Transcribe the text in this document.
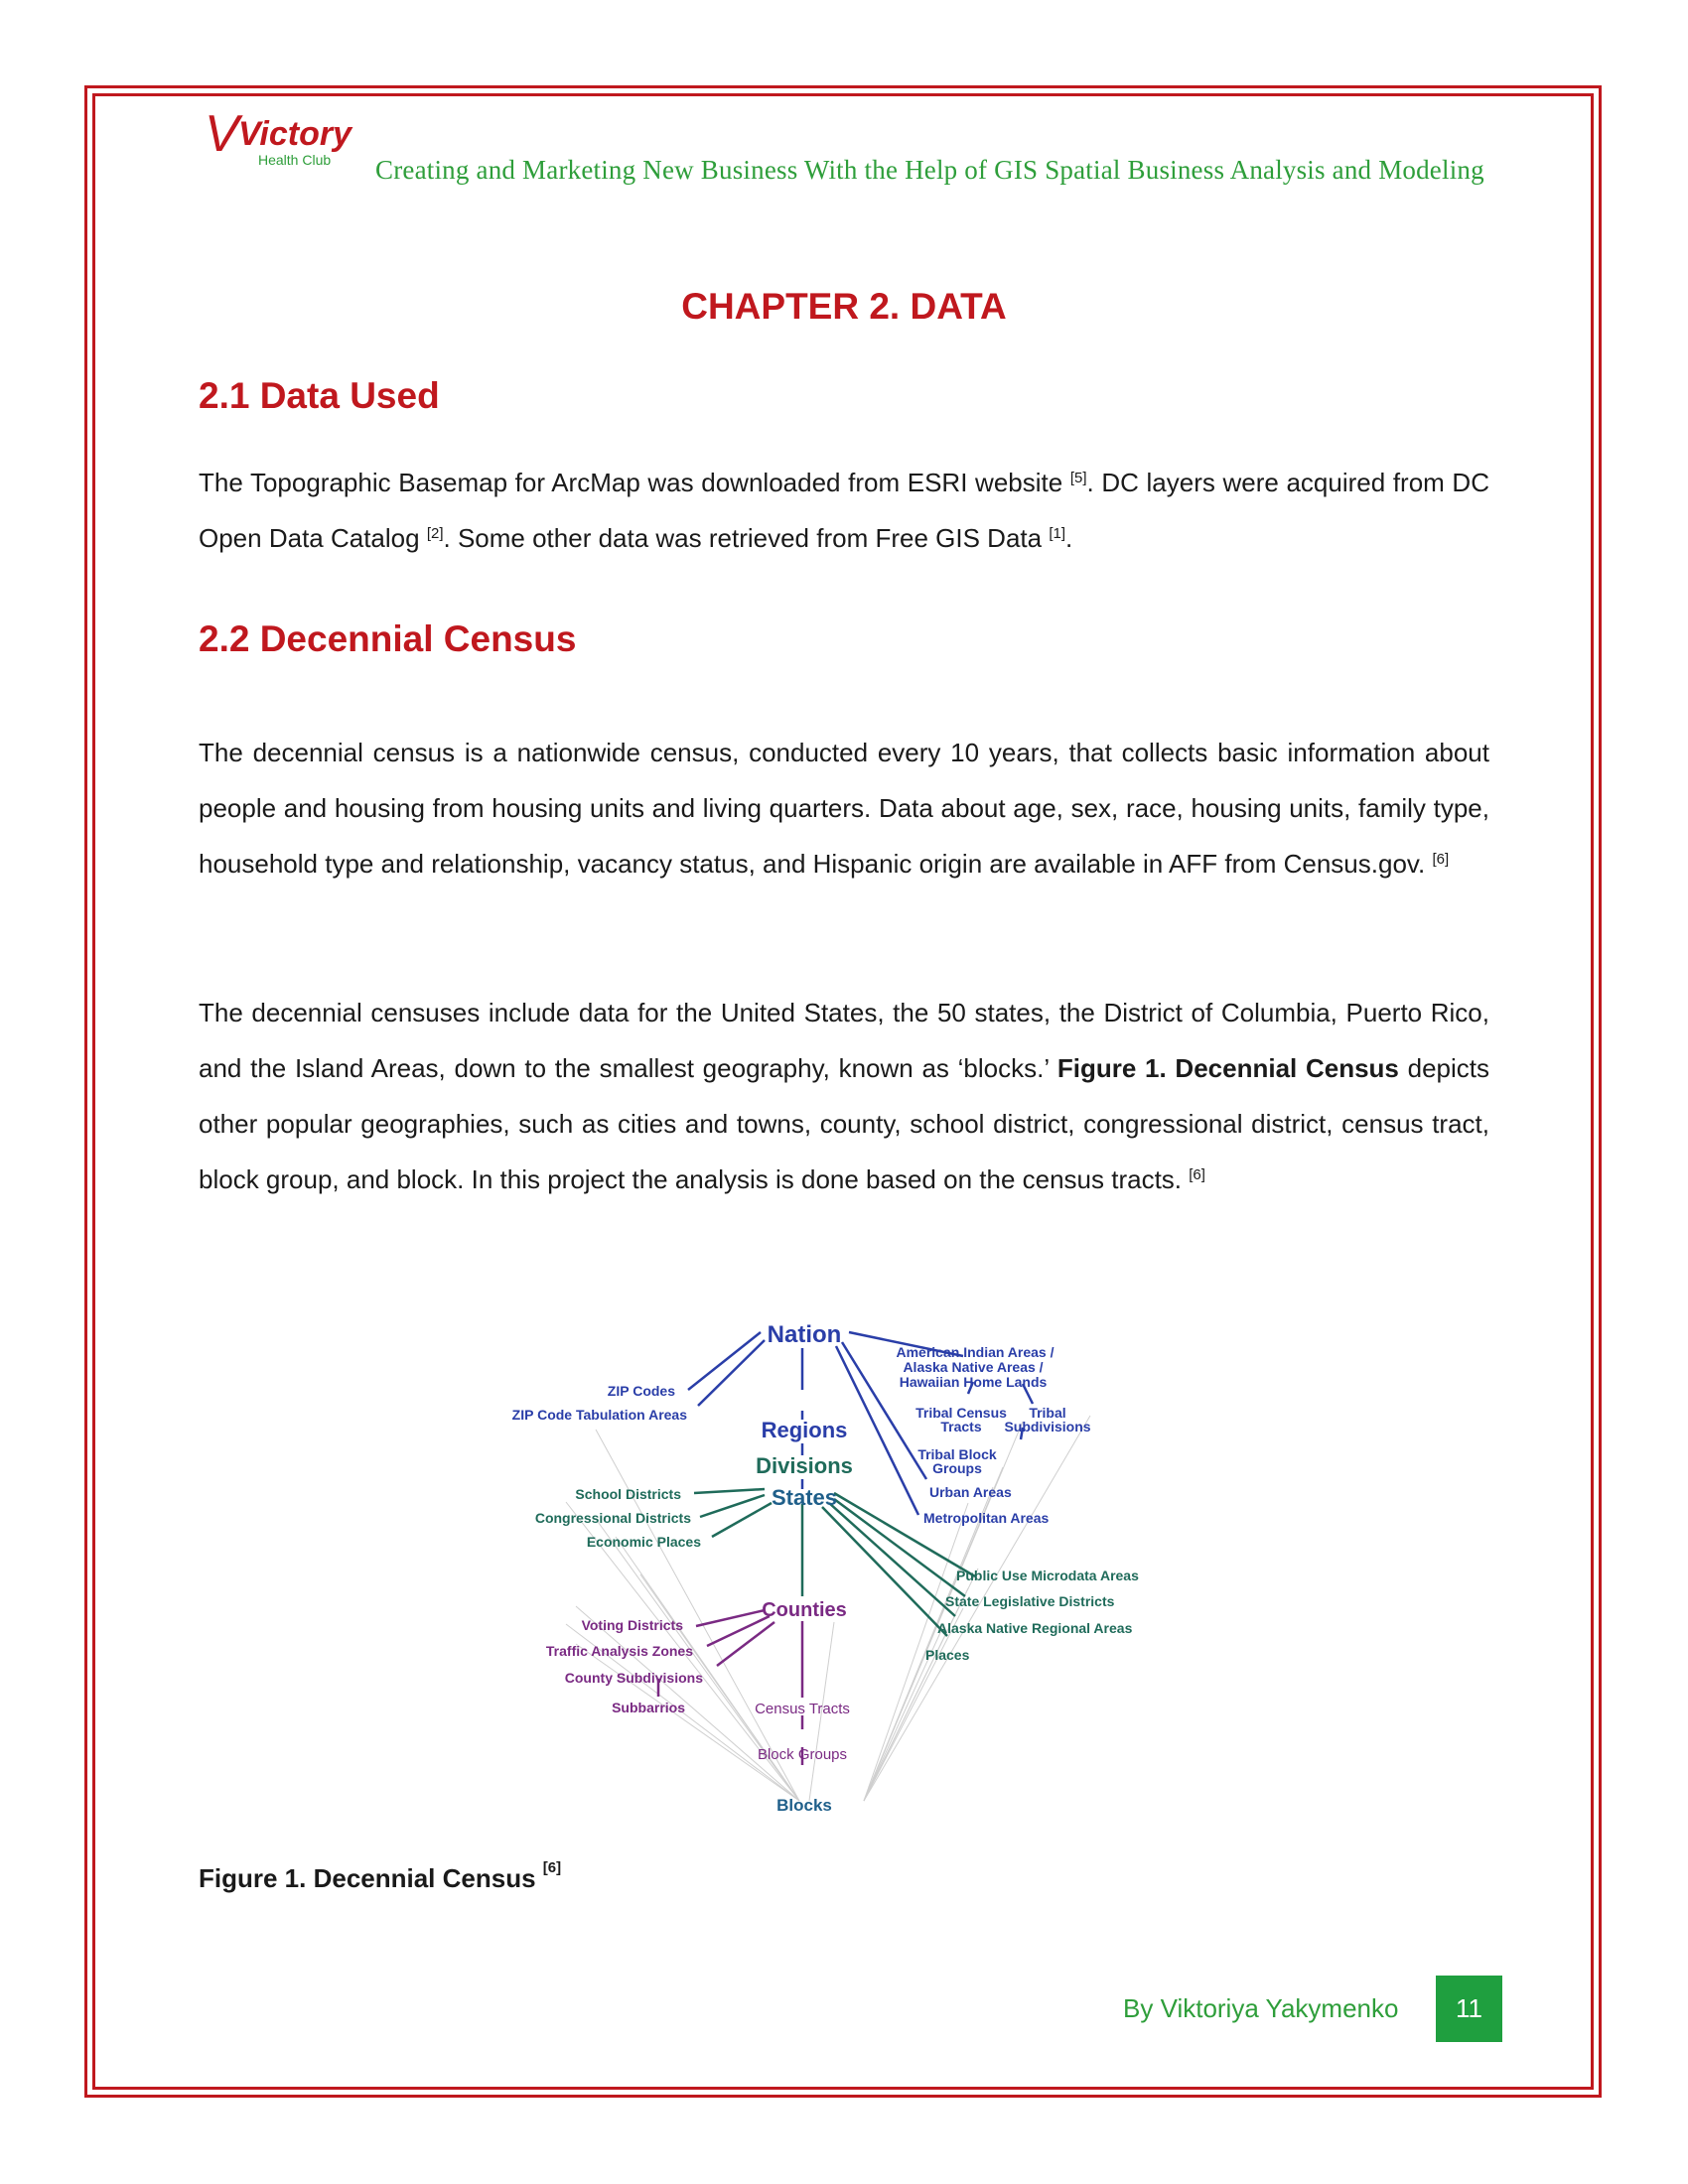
V Victory
Health Club Creating and Marketing New Business With the Help of GIS Spatial Business Analysis and Modeling
CHAPTER 2. DATA
2.1 Data Used

The Topographic Basemap for ArcMap was downloaded from ESRI website [5]. DC layers were acquired from DC Open Data Catalog [2]. Some other data was retrieved from Free GIS Data [1].

2.2 Decennial Census

The decennial census is a nationwide census, conducted every 10 years, that collects basic information about people and housing from housing units and living quarters. Data about age, sex, race, housing units, family type, household type and relationship, vacancy status, and Hispanic origin are available in AFF from Census.gov. [6]

The decennial censuses include data for the United States, the 50 states, the District of Columbia, Puerto Rico, and the Island Areas, down to the smallest geography, known as ‘blocks.’ Figure 1. Decennial Census depicts other popular geographies, such as cities and towns, county, school district, congressional district, census tract, block group, and block. In this project the analysis is done based on the census tracts. [6]

Nation
Regions
Divisions
States
Counties
Census Tracts
Block Groups
Blocks
ZIP Codes
ZIP Code Tabulation Areas
American Indian Areas /
Alaska Native Areas /
Hawaiian Home Lands
Tribal Census
Tracts
Tribal
Subdivisions
Tribal Block
Groups
Urban Areas
Metropolitan Areas
School Districts
Congressional Districts
Economic Places
Public Use Microdata Areas
State Legislative Districts
Alaska Native Regional Areas
Places
Voting Districts
Traffic Analysis Zones
County Subdivisions
Subbarrios
Figure 1. Decennial Census [6]
By Viktoriya Yakymenko	11
